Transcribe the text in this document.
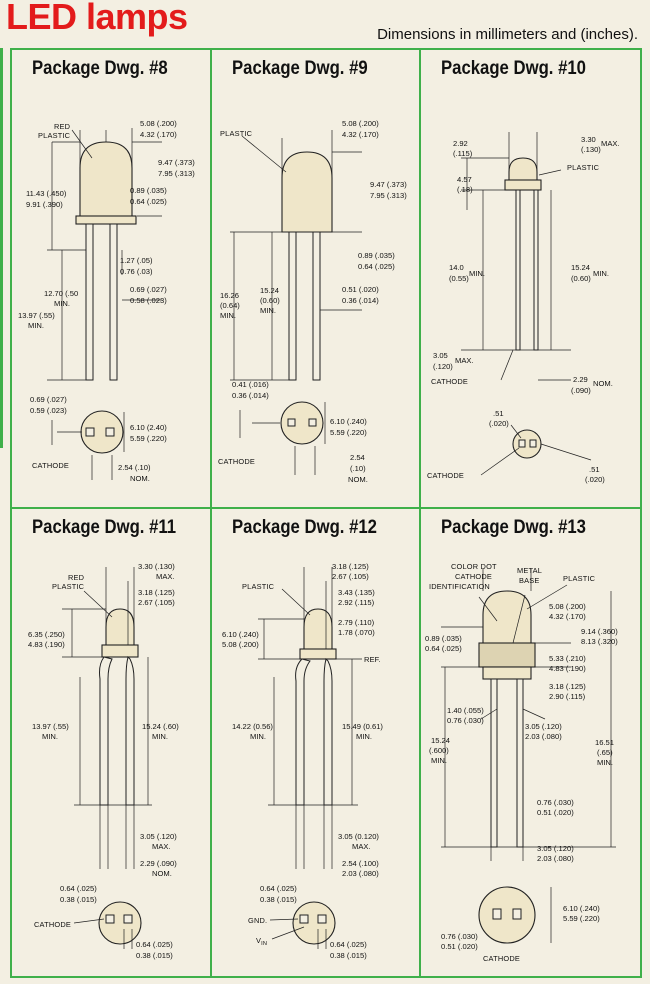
LED lamps	Dimensions in millimeters and (inches).
Package Dwg. #8
RED
PLASTIC
5.08 (.200)
4.32 (.170)
9.47 (.373)
7.95 (.313)
11.43 (.450)
9.91 (.390)
0.89 (.035)
0.64 (.025)
1.27 (.05)
0.76 (.03)
12.70 (.50
MIN.
0.69 (.027)
0.58 (.023)
13.97 (.55)
MIN.
0.69 (.027)
0.59 (.023)
6.10 (2.40)
5.59 (.220)
CATHODE	2.54 (.10)
NOM.
Package Dwg. #9
PLASTIC
5.08 (.200)
4.32 (.170)
9.47 (.373)
7.95 (.313)
0.89 (.035)
0.64 (.025)
15.24
(0.60)
MIN.
16.26
(0.64)
MIN.
0.51 (.020)
0.36 (.014)
0.41 (.016)
0.36 (.014)
6.10 (.240)
5.59 (.220)
CATHODE	2.54
(.10)
NOM.
Package Dwg. #10
2.92
(.115)
3.30 MAX.
(.130)
PLASTIC
4.57
(.18)
14.0
(0.55)
MIN.
15.24
(0.60)
MIN.
3.05
MAX.
(.120)
CATHODE	2.29 NOM.
(.090)
.51
(.020)
CATHODE
.51
(.020)
Package Dwg. #11
RED
PLASTIC
3.30 (.130)
MAX.
3.18 (.125)
2.67 (.105)
6.35 (.250)
4.83 (.190)
13.97 (.55)
MIN.
15.24 (.60)
MIN.
3.05 (.120)
MAX.
2.29 (.090)
NOM.
0.64 (.025)
0.38 (.015)
CATHODE
0.64 (.025)
0.38 (.015)
Package Dwg. #12
PLASTIC
3.18 (.125)
2.67 (.105)
3.43 (.135)
2.92 (.115)
2.79 (.110)
1.78 (.070)
6.10 (.240)
5.08 (.200)
REF.
14.22 (0.56)
MIN.
15.49 (0.61)
MIN.
3.05 (0.120)
MAX.
2.54 (.100)
2.03 (.080)
0.64 (.025)
0.38 (.015)
GND.
$V_{IN}$	0.64 (.025)
0.38 (.015)
Package Dwg. #13
COLOR DOT
CATHODE
IDENTIFICATION
METAL
BASE	PLASTIC
5.08 (.200)
4.32 (.170)
0.89 (.035)
0.64 (.025)
9.14 (.360)
8.13 (.320)
5.33 (.210)
4.83 (.190)
3.18 (.125)
2.90 (.115)
1.40 (.055)
0.76 (.030)
3.05 (.120)
2.03 (.080)
15.24
(.600)
MIN.
16.51
(.65)
MIN.
0.76 (.030)
0.51 (.020)
3.05 (.120)
2.03 (.080)
6.10 (.240)
5.59 (.220)
0.76 (.030)
0.51 (.020)
CATHODE
